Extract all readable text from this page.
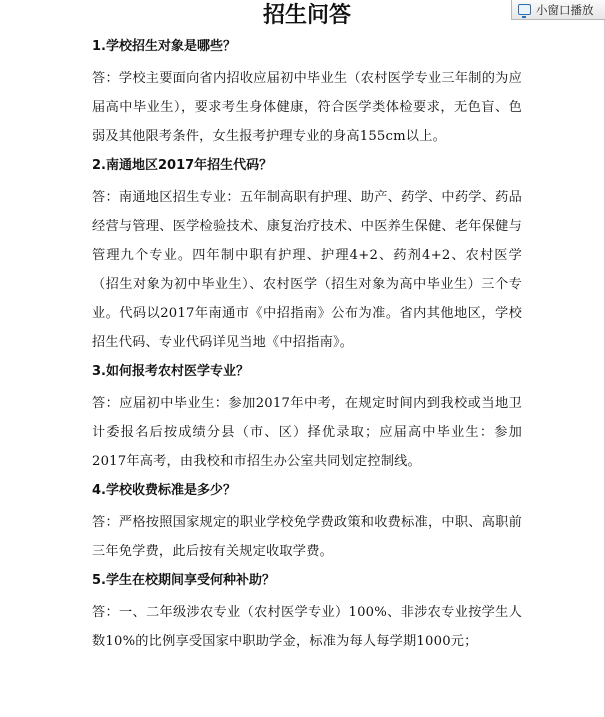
小窗口播放
招生问答

1.学校招生对象是哪些？

答：学校主要面向省内招收应届初中毕业生（农村医学专业三年制的为应届高中毕业生），要求考生身体健康，符合医学类体检要求，无色盲、色弱及其他限考条件，女生报考护理专业的身高155cm以上。

2.南通地区2017年招生代码？

答：南通地区招生专业：五年制高职有护理、助产、药学、中药学、药品经营与管理、医学检验技术、康复治疗技术、中医养生保健、老年保健与管理九个专业。四年制中职有护理、护理4+2、药剂4+2、农村医学（招生对象为初中毕业生）、农村医学（招生对象为高中毕业生）三个专业。代码以2017年南通市《中招指南》公布为准。省内其他地区，学校招生代码、专业代码详见当地《中招指南》。

3.如何报考农村医学专业？

答：应届初中毕业生：参加2017年中考，在规定时间内到我校或当地卫计委报名后按成绩分县（市、区）择优录取；应届高中毕业生：参加2017年高考，由我校和市招生办公室共同划定控制线。

4.学校收费标准是多少？

答：严格按照国家规定的职业学校免学费政策和收费标准，中职、高职前三年免学费，此后按有关规定收取学费。

5.学生在校期间享受何种补助？

答：一、二年级涉农专业（农村医学专业）100%、非涉农专业按学生人数10%的比例享受国家中职助学金，标准为每人每学期1000元；
